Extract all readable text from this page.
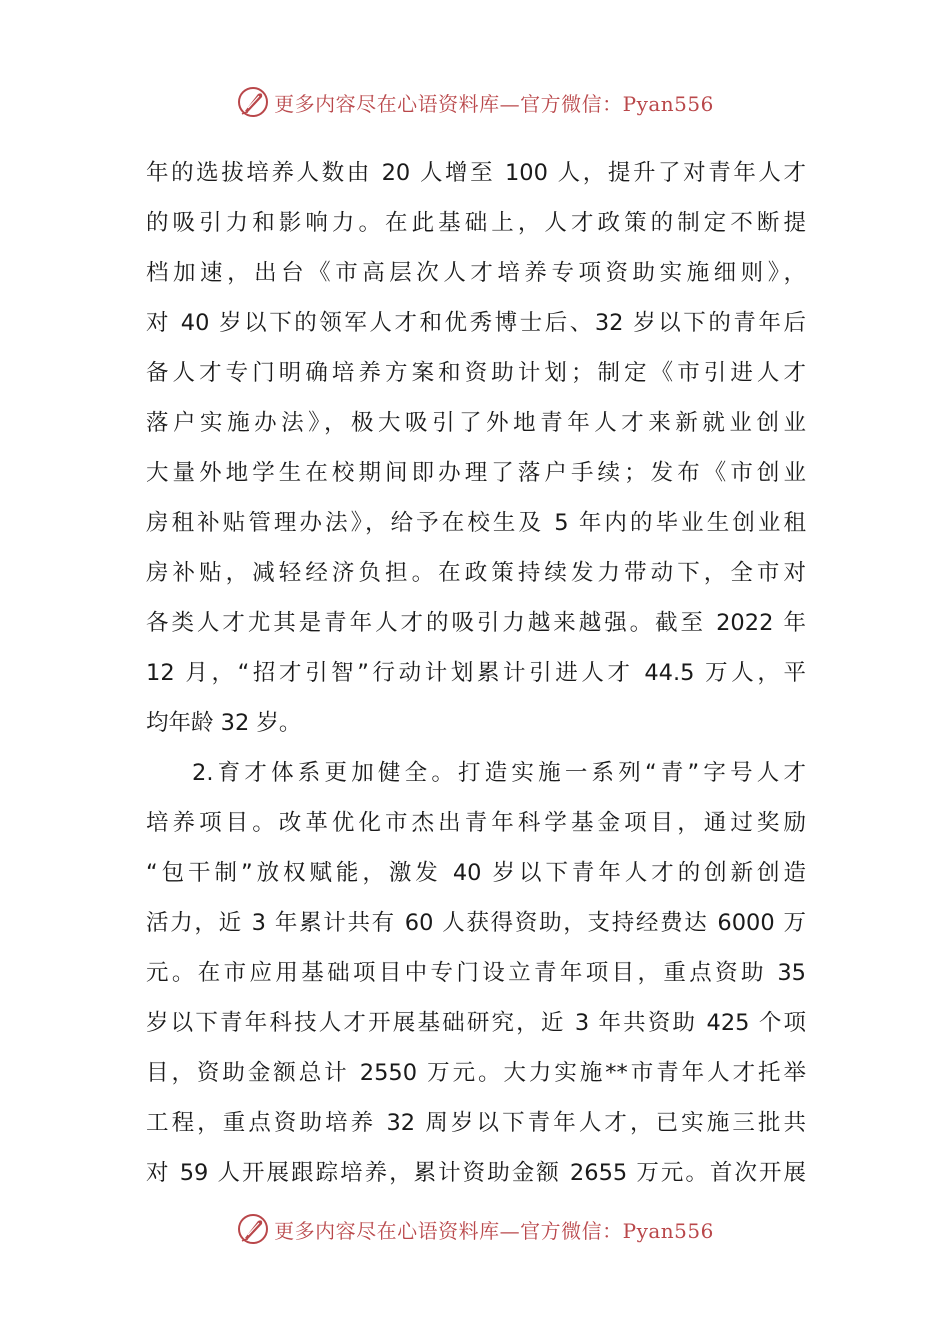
更多内容尽在心语资料库—官方微信：Pyan556
年的选拔培养人数由 20 人增至 100 人，提升了对青年人才
的吸引力和影响力。在此基础上，人才政策的制定不断提
档加速，出台《市高层次人才培养专项资助实施细则》，
对 40 岁以下的领军人才和优秀博士后、32 岁以下的青年后
备人才专门明确培养方案和资助计划；制定《市引进人才
落户实施办法》，极大吸引了外地青年人才来新就业创业
大量外地学生在校期间即办理了落户手续；发布《市创业
房租补贴管理办法》，给予在校生及 5 年内的毕业生创业租
房补贴，减轻经济负担。在政策持续发力带动下，全市对
各类人才尤其是青年人才的吸引力越来越强。截至 2022 年
12 月，“招才引智”行动计划累计引进人才 44.5 万人，平
均年龄 32 岁。
2.育才体系更加健全。打造实施一系列“青”字号人才
培养项目。改革优化市杰出青年科学基金项目，通过奖励
“包干制”放权赋能，激发 40 岁以下青年人才的创新创造
活力，近 3 年累计共有 60 人获得资助，支持经费达 6000 万
元。在市应用基础项目中专门设立青年项目，重点资助 35
岁以下青年科技人才开展基础研究，近 3 年共资助 425 个项
目，资助金额总计 2550 万元。大力实施**市青年人才托举
工程，重点资助培养 32 周岁以下青年人才，已实施三批共
对 59 人开展跟踪培养，累计资助金额 2655 万元。首次开展
更多内容尽在心语资料库—官方微信：Pyan556
